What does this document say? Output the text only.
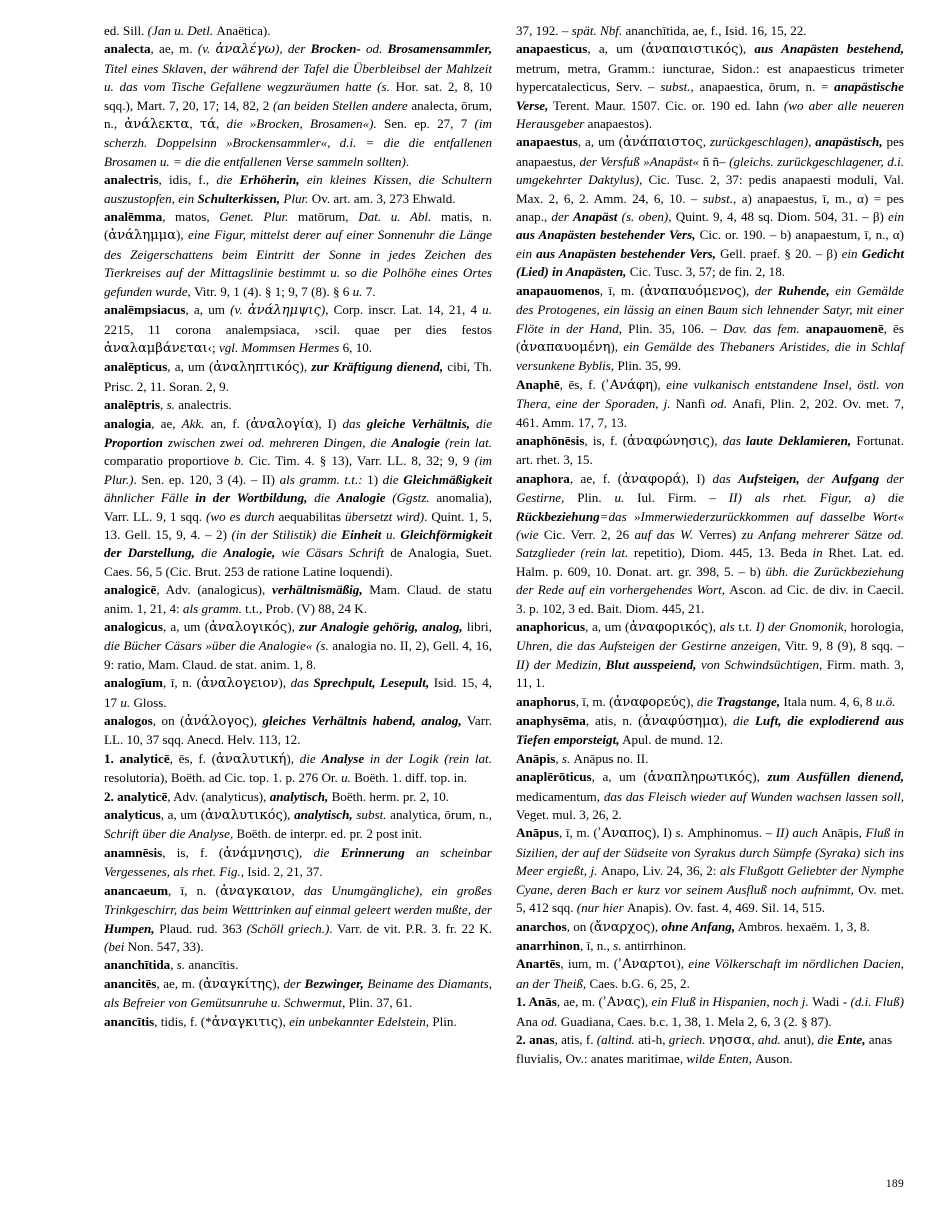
ed. Sill. (Jan u. Detl. Anaëtica).

analecta, ae, m. (v. ἀναλέγω), der Brocken- od. Brosamensammler, Titel eines Sklaven, der während der Tafel die Überbleibsel der Mahlzeit u. das vom Tische Gefallene wegzuräumen hatte (s. Hor. sat. 2, 8, 10 sqq.), Mart. 7, 20, 17; 14, 82, 2 (an beiden Stellen andere analecta, ōrum, n., ἀνάλεκτα, τά, die »Brocken, Brosamen«). Sen. ep. 27, 7 (im scherzh. Doppelsinn »Brockensammler«, d.i. = die die entfallenen Brosamen u. = die die entfallenen Verse sammeln sollten).

analectris, idis, f., die Erhöherin, ein kleines Kissen, die Schultern auszustopfen, ein Schulterkissen, Plur. Ov. art. am. 3, 273 Ehwald.

analēmma, matos, Genet. Plur. matōrum, Dat. u. Abl. matis, n. (ἀνάλημμα), eine Figur, mittelst derer auf einer Sonnenuhr die Länge des Zeigerschattens beim Eintritt der Sonne in jedes Zeichen des Tierkreises auf der Mittagslinie bestimmt u. so die Polhöhe eines Ortes gefunden wurde, Vitr. 9, 1 (4). § 1; 9, 7 (8). § 6 u. 7.

analēmpsiacus, a, um (v. ἀνάλημψις), Corp. inscr. Lat. 14, 21, 4 u. 2215, 11 corona analempsiaca, ›scil. quae per dies festos ἀναλαμβάνεται‹; vgl. Mommsen Hermes 6, 10.

analēpticus, a, um (ἀναληπτικός), zur Kräftigung dienend, cibi, Th. Prisc. 2, 11. Soran. 2, 9.

analēptris, s. analectris.

analogia, ae, Akk. an, f. (ἀναλογία), I) das gleiche Verhältnis, die Proportion zwischen zwei od. mehreren Dingen, die Analogie (rein lat. comparatio proportiove b. Cic. Tim. 4. § 13), Varr. LL. 8, 32; 9, 9 (im Plur.). Sen. ep. 120, 3 (4). – II) als gramm. t.t.: 1) die Gleichmäßigkeit ähnlicher Fälle in der Wortbildung, die Analogie (Ggstz. anomalia), Varr. LL. 9, 1 sqq. (wo es durch aequabilitas übersetzt wird). Quint. 1, 5, 13. Gell. 15, 9, 4. – 2) (in der Stilistik) die Einheit u. Gleichförmigkeit der Darstellung, die Analogie, wie Cäsars Schrift de Analogia, Suet. Caes. 56, 5 (Cic. Brut. 253 de ratione Latine loquendi).

analogicē, Adv. (analogicus), verhältnismäßig, Mam. Claud. de statu anim. 1, 21, 4: als gramm. t.t., Prob. (V) 88, 24 K.

analogicus, a, um (ἀναλογικός), zur Analogie gehörig, analog, libri, die Bücher Cäsars »über die Analogie« (s. analogia no. II, 2), Gell. 4, 16, 9: ratio, Mam. Claud. de stat. anim. 1, 8.

analogīum, ī, n. (ἀναλογειον), das Sprechpult, Lesepult, Isid. 15, 4, 17 u. Gloss.

analogos, on (ἀνάλογος), gleiches Verhältnis habend, analog, Varr. LL. 10, 37 sqq. Anecd. Helv. 113, 12.

1. analyticē, ēs, f. (ἀναλυτική), die Analyse in der Logik (rein lat. resolutoria), Boëth. ad Cic. top. 1. p. 276 Or. u. Boëth. 1. diff. top. in.

2. analyticē, Adv. (analyticus), analytisch, Boëth. herm. pr. 2, 10.

analyticus, a, um (ἀναλυτικός), analytisch, subst. analytica, ōrum, n., Schrift über die Analyse, Boëth. de interpr. ed. pr. 2 post init.

anamnēsis, is, f. (ἀνάμνησις), die Erinnerung an scheinbar Vergessenes, als rhet. Fig., Isid. 2, 21, 37.

anancaeum, ī, n. (ἀναγκαιον, das Unumgängliche), ein großes Trinkgeschirr, das beim Wetttrinken auf einmal geleert werden mußte, der Humpen, Plaud. rud. 363 (Schöll griech.). Varr. de vit. P.R. 3. fr. 22 K. (bei Non. 547, 33).

ananchītida, s. anancītis.

anancitēs, ae, m. (ἀναγκίτης), der Bezwinger, Beiname des Diamants, als Befreier von Gemütsunruhe u. Schwermut, Plin. 37, 61.

anancītis, tidis, f. (*ἀναγκιτις), ein unbekannter Edelstein, Plin.

37, 192. – spät. Nbf. ananchītida, ae, f., Isid. 16, 15, 22.

anapaesticus, a, um (ἀναπαιστικός), aus Anapästen bestehend, metrum, metra, Gramm.: iuncturae, Sidon.: est anapaesticus trimeter hypercatalecticus, Serv. – subst., anapaestica, ōrum, n. = anapästische Verse, Terent. Maur. 1507. Cic. or. 190 ed. Iahn (wo aber alle neueren Herausgeber anapaestos).

anapaestus, a, um (ἀνάπαιστος, zurückgeschlagen), anapästisch, pes anapaestus, der Versfuß »Anapäst« ñ ñ– (gleichs. zurückgeschlagener, d.i. umgekehrter Daktylus), Cic. Tusc. 2, 37: pedis anapaesti moduli, Val. Max. 2, 6, 2. Amm. 24, 6, 10. – subst., a) anapaestus, ī, m., α) = pes anap., der Anapäst (s. oben), Quint. 9, 4, 48 sq. Diom. 504, 31. – β) ein aus Anapästen bestehender Vers, Cic. or. 190. – b) anapaestum, ī, n., α) ein aus Anapästen bestehender Vers, Gell. praef. § 20. – β) ein Gedicht (Lied) in Anapästen, Cic. Tusc. 3, 57; de fin. 2, 18.

anapauomenos, ī, m. (ἀναπαυόμενος), der Ruhende, ein Gemälde des Protogenes, ein lässig an einen Baum sich lehnender Satyr, mit einer Flöte in der Hand, Plin. 35, 106. – Dav. das fem. anapauomenē, ēs (ἀναπαυομένη), ein Gemälde des Thebaners Aristides, die in Schlaf versunkene Byblis, Plin. 35, 99.

Anaphē, ēs, f. (ʾΑνάφη), eine vulkanisch entstandene Insel, östl. von Thera, eine der Sporaden, j. Nanfi od. Anafi, Plin. 2, 202. Ov. met. 7, 461. Amm. 17, 7, 13.

anaphōnēsis, is, f. (ἀναφώνησις), das laute Deklamieren, Fortunat. art. rhet. 3, 15.

anaphora, ae, f. (ἀναφορά), I) das Aufsteigen, der Aufgang der Gestirne, Plin. u. Iul. Firm. – II) als rhet. Figur, a) die Rückbeziehung=das »Immerwiederzurückkommen auf dasselbe Wort« (wie Cic. Verr. 2, 26 auf das W. Verres) zu Anfang mehrerer Sätze od. Satzglieder (rein lat. repetitio), Diom. 445, 13. Beda in Rhet. Lat. ed. Halm. p. 609, 10. Donat. art. gr. 398, 5. – b) übh. die Zurückbeziehung der Rede auf ein vorhergehendes Wort, Ascon. ad Cic. de div. in Caecil. 3. p. 102, 3 ed. Bait. Diom. 445, 21.

anaphoricus, a, um (ἀναφορικός), als t.t. I) der Gnomonik, horologia, Uhren, die das Aufsteigen der Gestirne anzeigen, Vitr. 9, 8 (9), 8 sqq. – II) der Medizin, Blut ausspeiend, von Schwindsüchtigen, Firm. math. 3, 11, 1.

anaphorus, ī, m. (ἀναφορεύς), die Tragstange, Itala num. 4, 6, 8 u.ö.

anaphysēma, atis, n. (ἀναφύσημα), die Luft, die explodierend aus Tiefen emporsteigt, Apul. de mund. 12.

Anāpis, s. Anāpus no. II.

anaplērōticus, a, um (ἀναπληρωτικός), zum Ausfüllen dienend, medicamentum, das das Fleisch wieder auf Wunden wachsen lassen soll, Veget. mul. 3, 26, 2.

Anāpus, ī, m. (ʾΑναπος), I) s. Amphinomus. – II) auch Anāpis, Fluß in Sizilien, der auf der Südseite von Syrakus durch Sümpfe (Syraka) sich ins Meer ergießt, j. Anapo, Liv. 24, 36, 2: als Flußgott Geliebter der Nymphe Cyane, deren Bach er kurz vor seinem Ausfluß noch aufnimmt, Ov. met. 5, 412 sqq. (nur hier Anapis). Ov. fast. 4, 469. Sil. 14, 515.

anarchos, on (ἄναρχος), ohne Anfang, Ambros. hexaëm. 1, 3, 8.

anarrhinon, ī, n., s. antirrhinon.

Anartēs, ium, m. (ʾΑναρτοι), eine Völkerschaft im nördlichen Dacien, an der Theiß, Caes. b.G. 6, 25, 2.

1. Anās, ae, m. (ʾΑνας), ein Fluß in Hispanien, noch j. Wadi - (d.i. Fluß) Ana od. Guadiana, Caes. b.c. 1, 38, 1. Mela 2, 6, 3 (2. § 87).

2. anas, atis, f. (altind. ati-h, griech. νησσα, ahd. anut), die Ente, anas fluvialis, Ov.: anates maritimae, wilde Enten, Auson.

189
